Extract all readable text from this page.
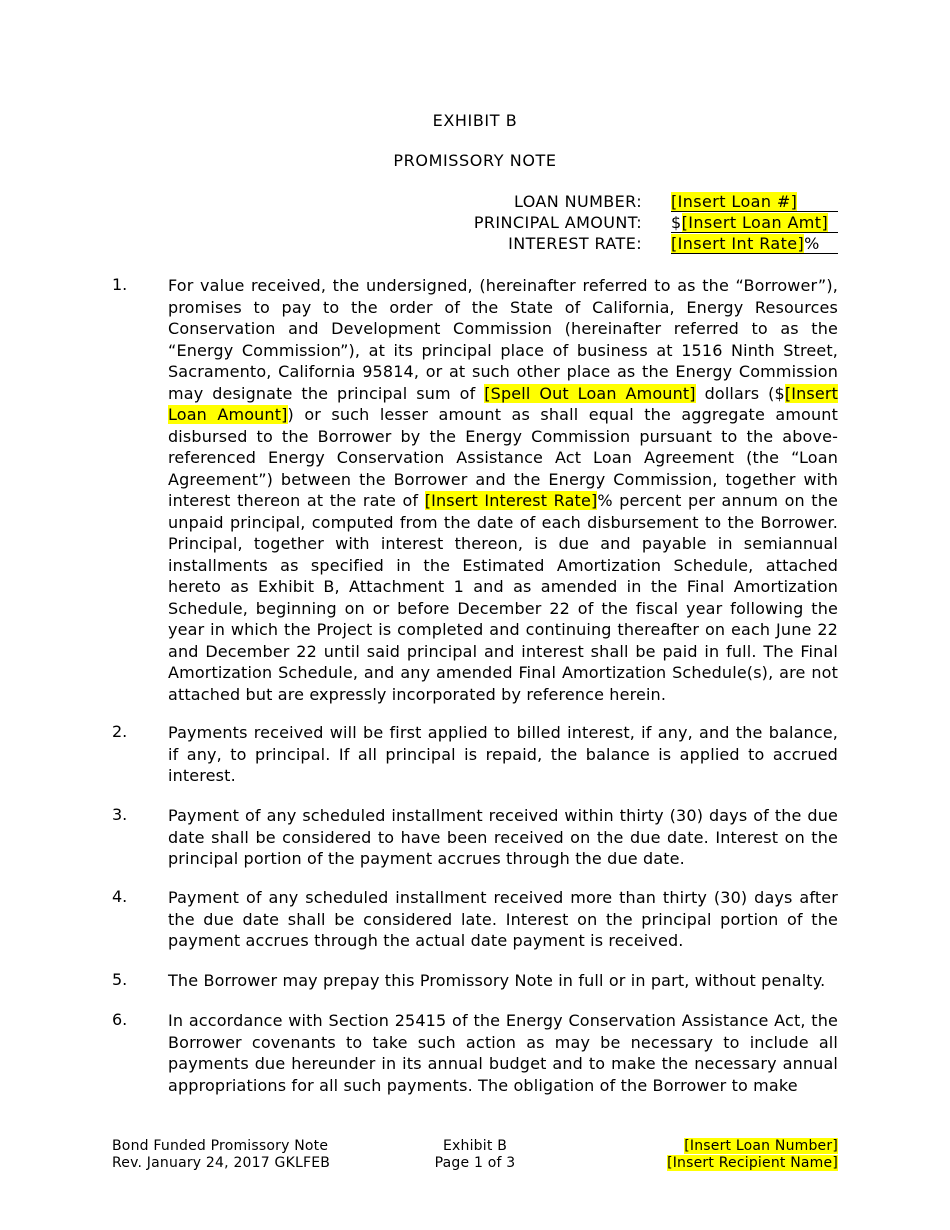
EXHIBIT B
PROMISSORY NOTE
LOAN NUMBER: [Insert Loan #]
PRINCIPAL AMOUNT: $[Insert Loan Amt]
INTEREST RATE: [Insert Int Rate]%
1.	For value received, the undersigned, (hereinafter referred to as the “Borrower”), promises to pay to the order of the State of California, Energy Resources Conservation and Development Commission (hereinafter referred to as the “Energy Commission”), at its principal place of business at 1516 Ninth Street, Sacramento, California 95814, or at such other place as the Energy Commission may designate the principal sum of [Spell Out Loan Amount] dollars ($[Insert Loan Amount]) or such lesser amount as shall equal the aggregate amount disbursed to the Borrower by the Energy Commission pursuant to the above-referenced Energy Conservation Assistance Act Loan Agreement (the “Loan Agreement”) between the Borrower and the Energy Commission, together with interest thereon at the rate of [Insert Interest Rate]% percent per annum on the unpaid principal, computed from the date of each disbursement to the Borrower. Principal, together with interest thereon, is due and payable in semiannual installments as specified in the Estimated Amortization Schedule, attached hereto as Exhibit B, Attachment 1 and as amended in the Final Amortization Schedule, beginning on or before December 22 of the fiscal year following the year in which the Project is completed and continuing thereafter on each June 22 and December 22 until said principal and interest shall be paid in full. The Final Amortization Schedule, and any amended Final Amortization Schedule(s), are not attached but are expressly incorporated by reference herein.
2.	Payments received will be first applied to billed interest, if any, and the balance, if any, to principal. If all principal is repaid, the balance is applied to accrued interest.
3.	Payment of any scheduled installment received within thirty (30) days of the due date shall be considered to have been received on the due date. Interest on the principal portion of the payment accrues through the due date.
4.	Payment of any scheduled installment received more than thirty (30) days after the due date shall be considered late. Interest on the principal portion of the payment accrues through the actual date payment is received.
5.	The Borrower may prepay this Promissory Note in full or in part, without penalty.
6.	In accordance with Section 25415 of the Energy Conservation Assistance Act, the Borrower covenants to take such action as may be necessary to include all payments due hereunder in its annual budget and to make the necessary annual appropriations for all such payments. The obligation of the Borrower to make
Bond Funded Promissory Note
Rev. January 24, 2017 GKLFEB
Exhibit B
Page 1 of 3
[Insert Loan Number]
[Insert Recipient Name]
